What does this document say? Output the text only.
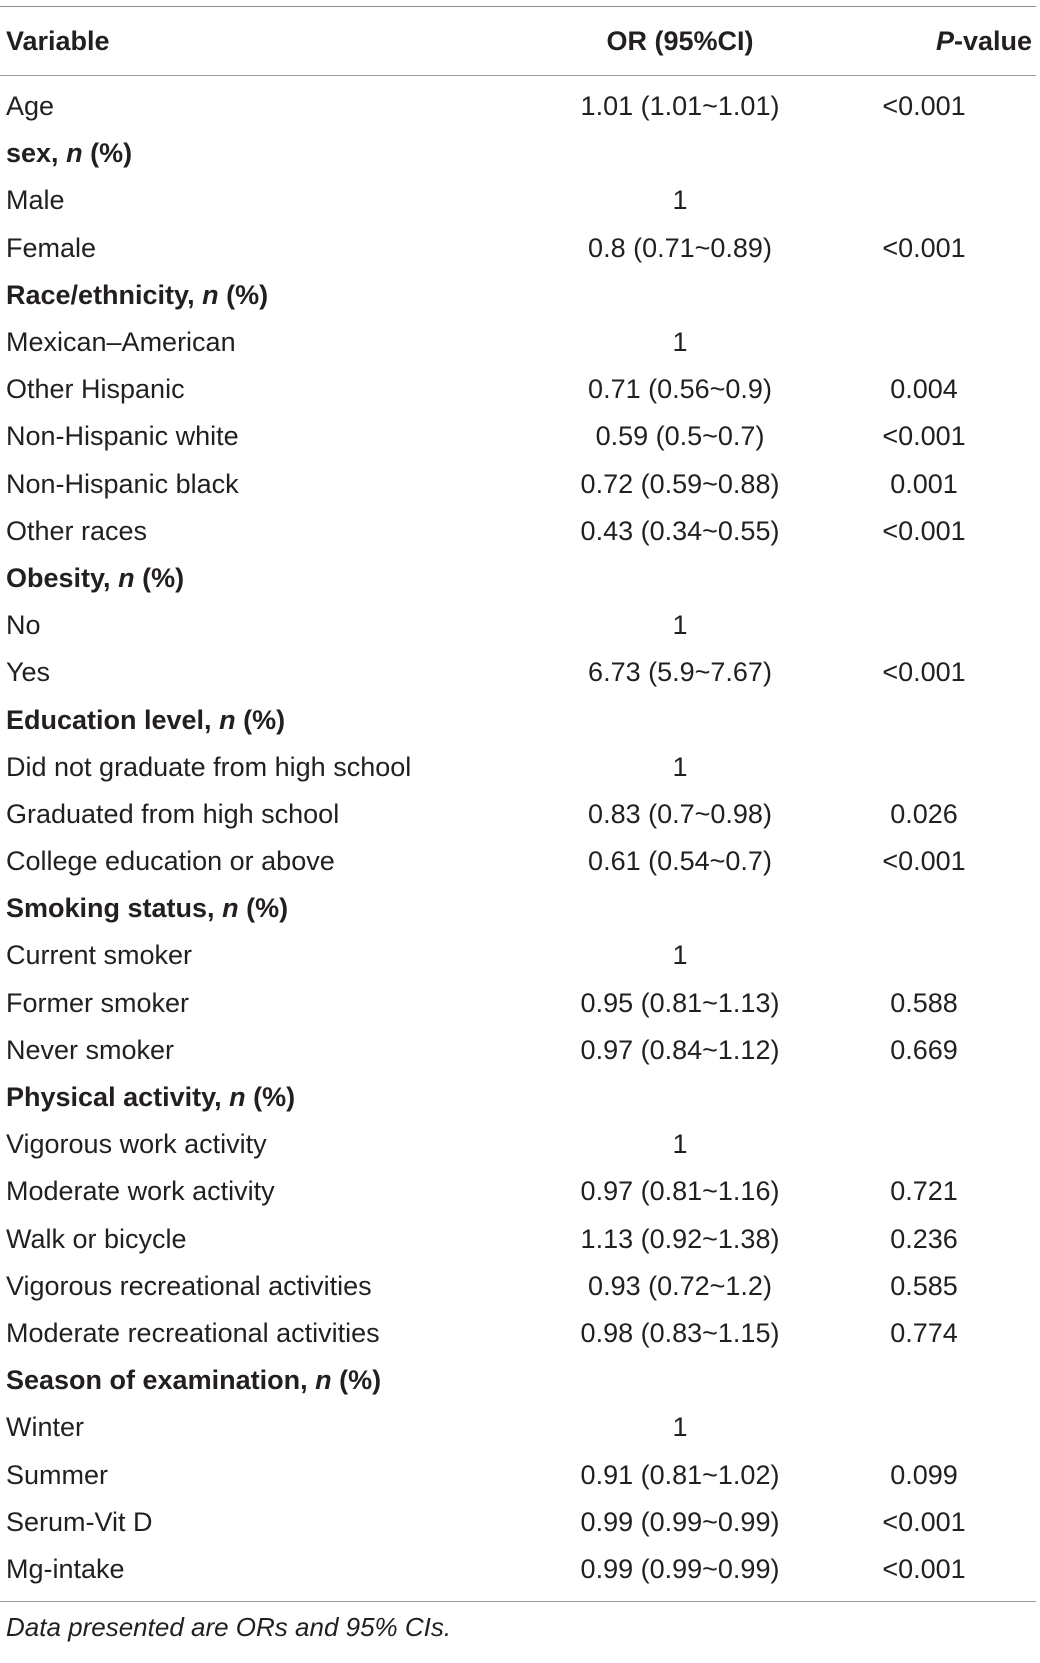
Variable	OR (95%CI)	P-value
Age	1.01 (1.01~1.01)	<0.001
sex, n (%)
Male	1
Female	0.8 (0.71~0.89)	<0.001
Race/ethnicity, n (%)
Mexican–American	1
Other Hispanic	0.71 (0.56~0.9)	0.004
Non-Hispanic white	0.59 (0.5~0.7)	<0.001
Non-Hispanic black	0.72 (0.59~0.88)	0.001
Other races	0.43 (0.34~0.55)	<0.001
Obesity, n (%)
No	1
Yes	6.73 (5.9~7.67)	<0.001
Education level, n (%)
Did not graduate from high school	1
Graduated from high school	0.83 (0.7~0.98)	0.026
College education or above	0.61 (0.54~0.7)	<0.001
Smoking status, n (%)
Current smoker	1
Former smoker	0.95 (0.81~1.13)	0.588
Never smoker	0.97 (0.84~1.12)	0.669
Physical activity, n (%)
Vigorous work activity	1
Moderate work activity	0.97 (0.81~1.16)	0.721
Walk or bicycle	1.13 (0.92~1.38)	0.236
Vigorous recreational activities	0.93 (0.72~1.2)	0.585
Moderate recreational activities	0.98 (0.83~1.15)	0.774
Season of examination, n (%)
Winter	1
Summer	0.91 (0.81~1.02)	0.099
Serum-Vit D	0.99 (0.99~0.99)	<0.001
Mg-intake	0.99 (0.99~0.99)	<0.001
Data presented are ORs and 95% CIs.
